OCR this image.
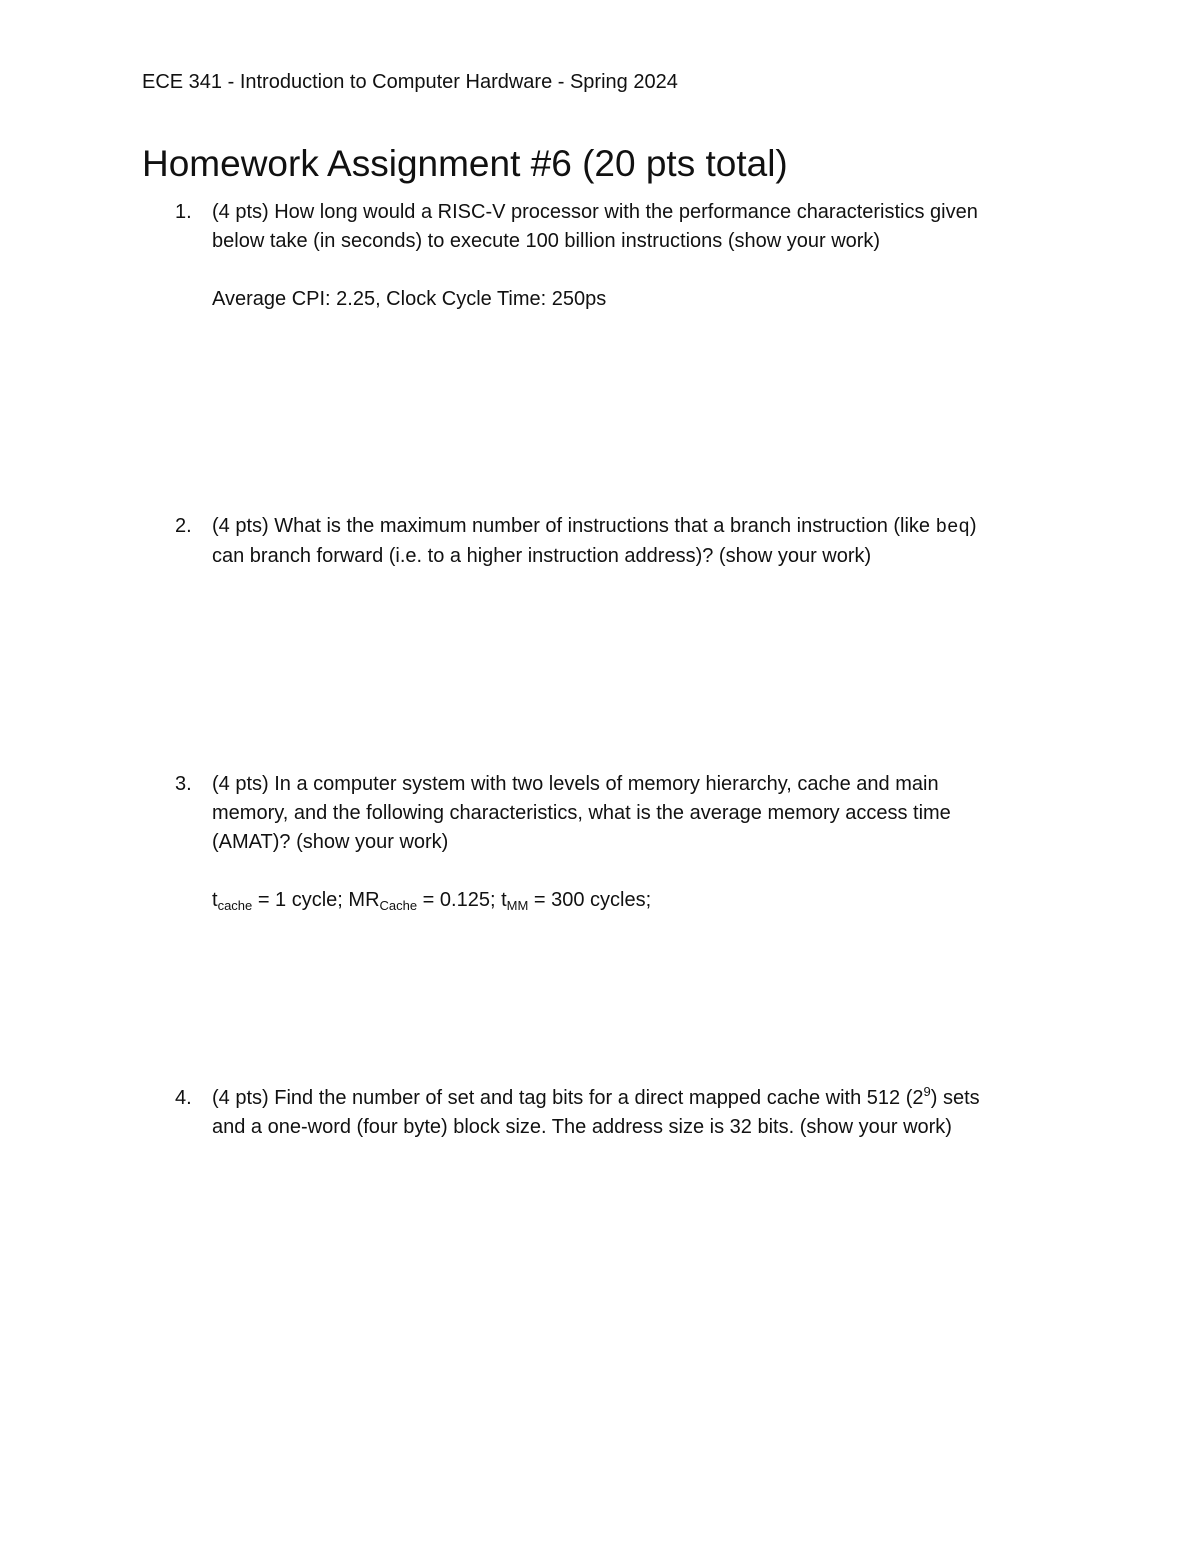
ECE 341 - Introduction to Computer Hardware - Spring 2024
Homework Assignment #6 (20 pts total)
1.	(4 pts) How long would a RISC-V processor with the performance characteristics given
below take (in seconds) to execute 100 billion instructions (show your work)
Average CPI: 2.25, Clock Cycle Time: 250ps
2.	(4 pts) What is the maximum number of instructions that a branch instruction (like beq)
can branch forward (i.e. to a higher instruction address)? (show your work)
3.	(4 pts) In a computer system with two levels of memory hierarchy, cache and main
memory, and the following characteristics, what is the average memory access time
(AMAT)? (show your work)
$t_{cache} = 1$ cycle; $MR_{Cache} = 0.125$; $t_{MM} = 300$ cycles;
4.	(4 pts) Find the number of set and tag bits for a direct mapped cache with 512 $(2^9)$ sets
and a one-word (four byte) block size. The address size is 32 bits. (show your work)
